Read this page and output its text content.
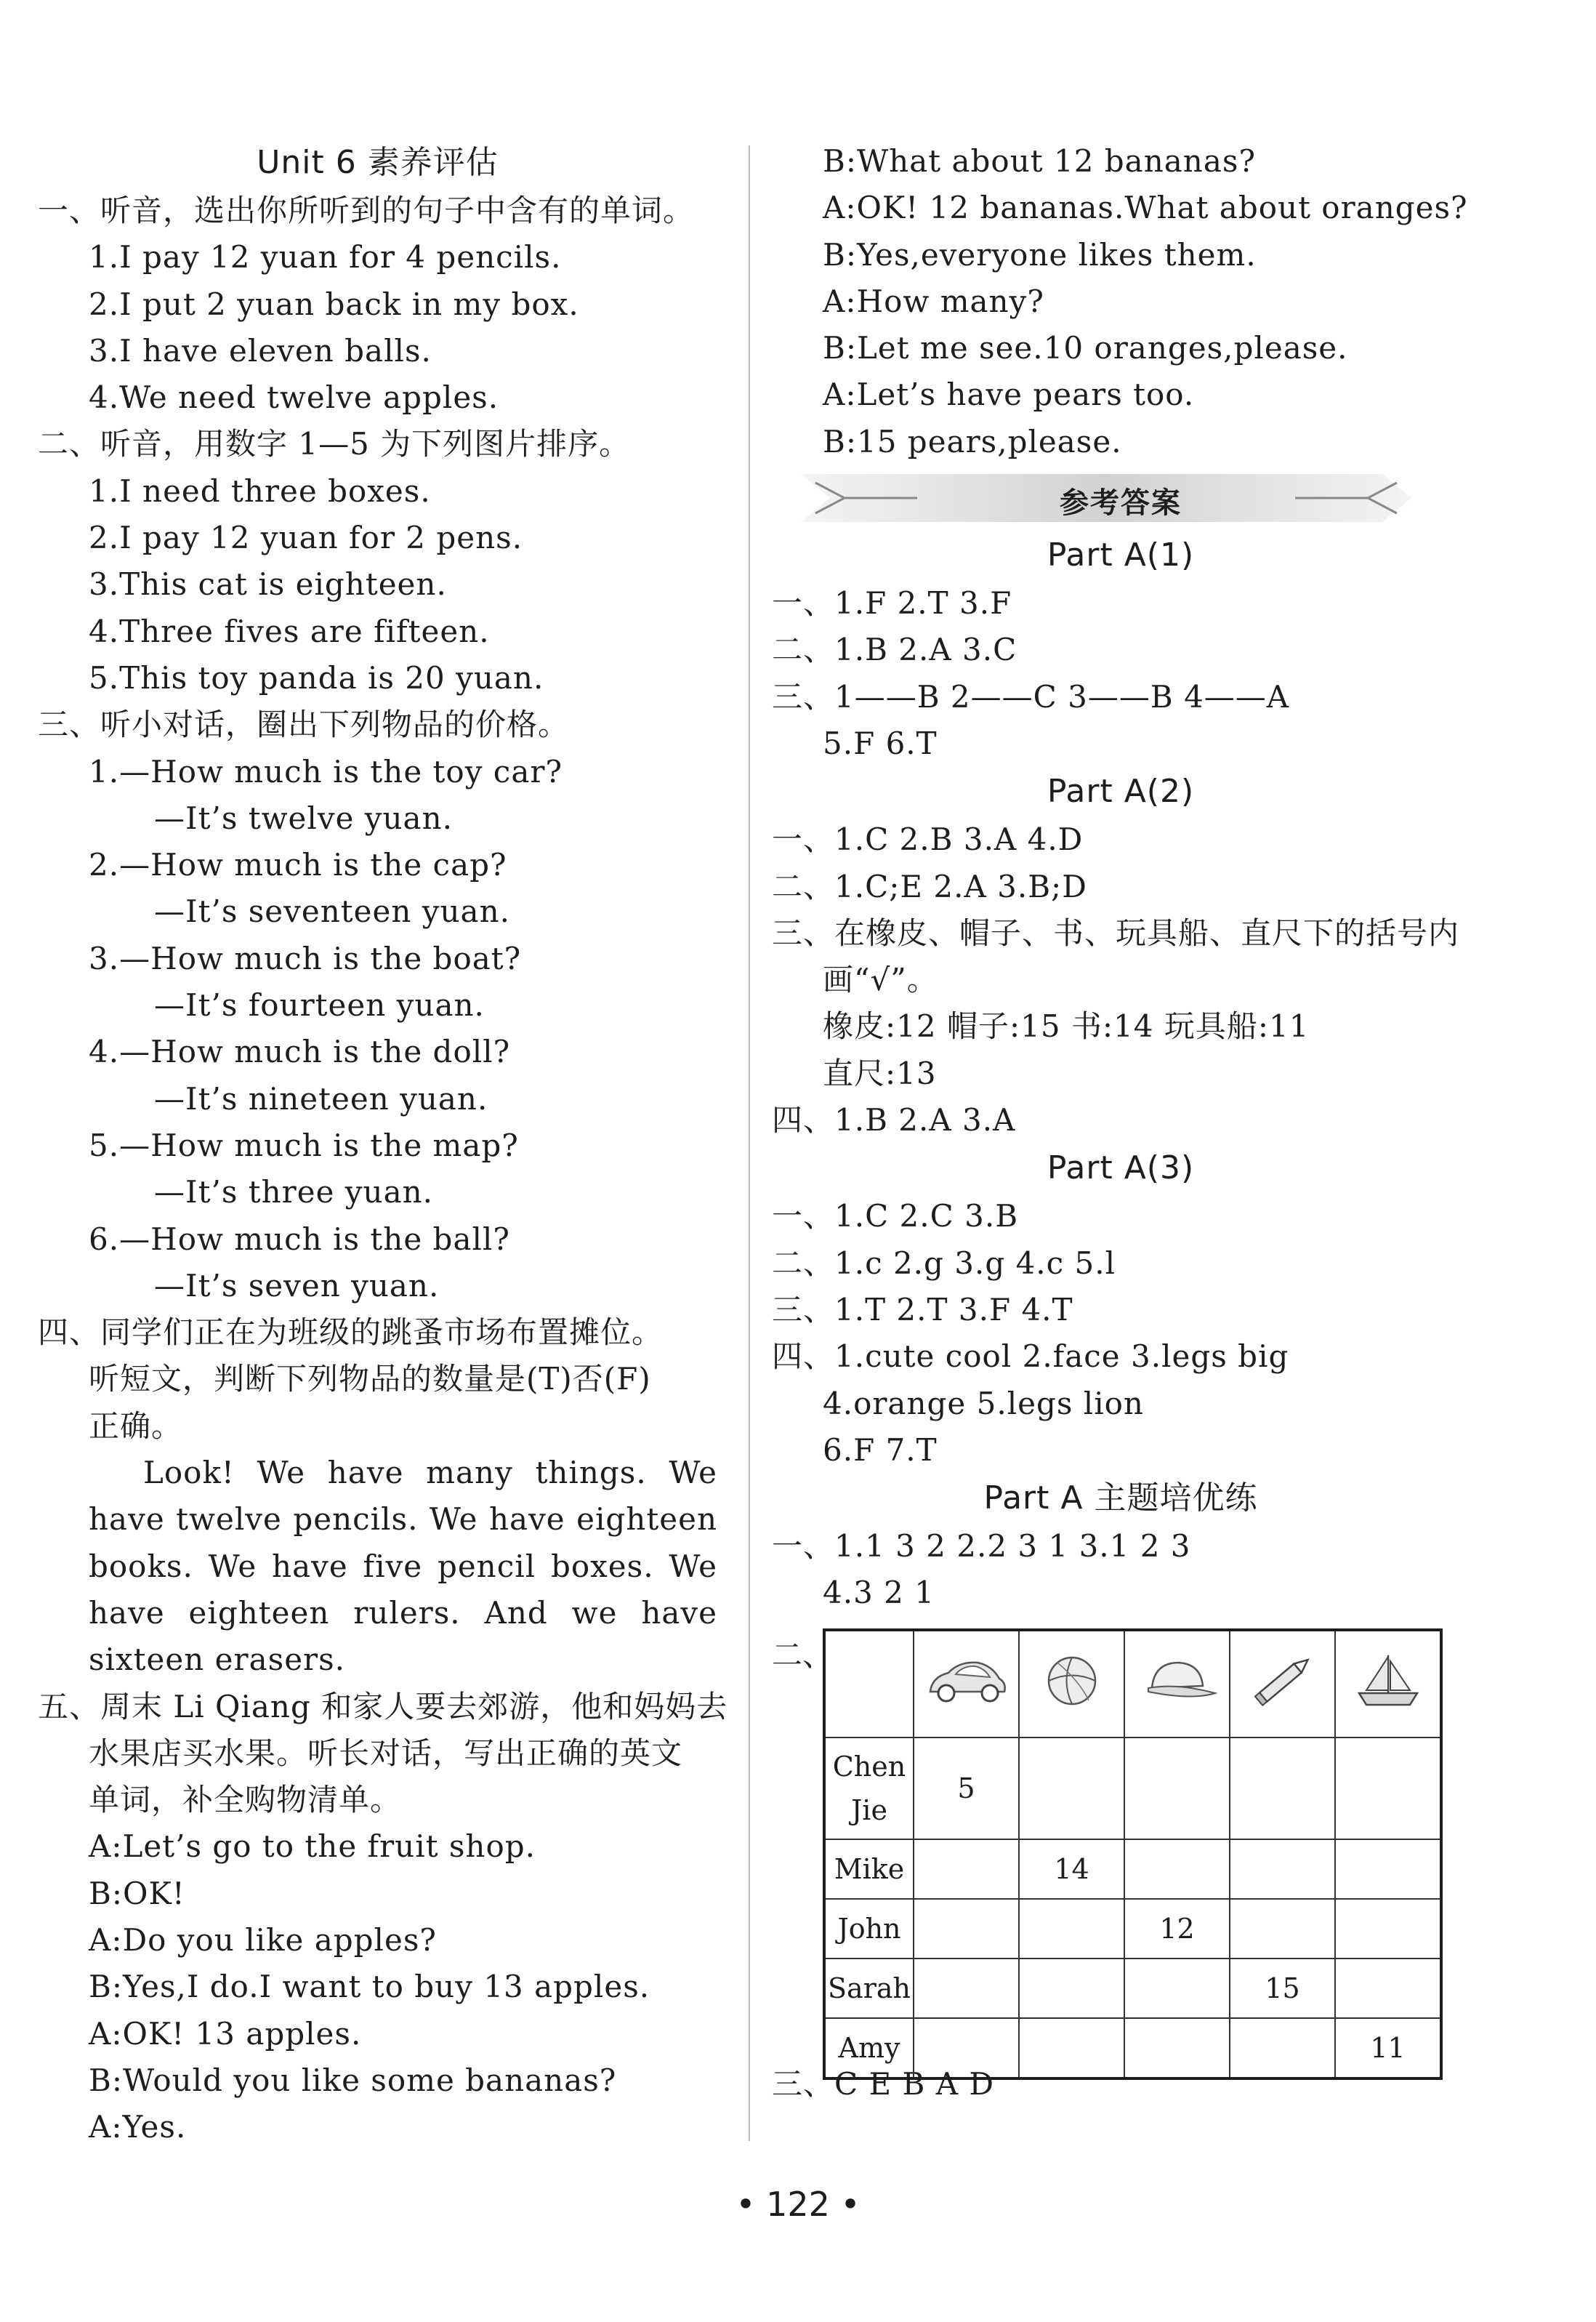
Unit 6 素养评估
一、听音，选出你所听到的句子中含有的单词。
1.I pay 12 yuan for 4 pencils.
2.I put 2 yuan back in my box.
3.I have eleven balls.
4.We need twelve apples.
二、听音，用数字 1—5 为下列图片排序。
1.I need three boxes.
2.I pay 12 yuan for 2 pens.
3.This cat is eighteen.
4.Three fives are fifteen.
5.This toy panda is 20 yuan.
三、听小对话，圈出下列物品的价格。
1.—How much is the toy car?
—It’s twelve yuan.
2.—How much is the cap?
—It’s seventeen yuan.
3.—How much is the boat?
—It’s fourteen yuan.
4.—How much is the doll?
—It’s nineteen yuan.
5.—How much is the map?
—It’s three yuan.
6.—How much is the ball?
—It’s seven yuan.
四、同学们正在为班级的跳蚤市场布置摊位。
听短文，判断下列物品的数量是(T)否(F)
正确。
Look! We have many things. We have twelve pencils. We have eighteen books. We have five pencil boxes. We have eighteen rulers. And we have sixteen erasers.
五、周末 Li Qiang 和家人要去郊游，他和妈妈去
水果店买水果。听长对话，写出正确的英文
单词，补全购物清单。
A:Let’s go to the fruit shop.
B:OK!
A:Do you like apples?
B:Yes,I do.I want to buy 13 apples.
A:OK! 13 apples.
B:Would you like some bananas?
A:Yes.
B:What about 12 bananas?
A:OK! 12 bananas.What about oranges?
B:Yes,everyone likes them.
A:How many?
B:Let me see.10 oranges,please.
A:Let’s have pears too.
B:15 pears,please.
参考答案
Part A(1)
一、1.F 2.T 3.F
二、1.B 2.A 3.C
三、1——B 2——C 3——B 4——A
5.F 6.T
Part A(2)
一、1.C 2.B 3.A 4.D
二、1.C;E 2.A 3.B;D
三、在橡皮、帽子、书、玩具船、直尺下的括号内
画“√”。
橡皮:12 帽子:15 书:14 玩具船:11
直尺:13
四、1.B 2.A 3.A
Part A(3)
一、1.C 2.C 3.B
二、1.c 2.g 3.g 4.c 5.l
三、1.T 2.T 3.F 4.T
四、1.cute cool 2.face 3.legs big
4.orange 5.legs lion
6.F 7.T
Part A 主题培优练
一、1.1 3 2 2.2 3 1 3.1 2 3
4.3 2 1
二、

Chen Jie	5				
Mike		14			
John			12		
Sarah				15	
Amy					11
三、C E B A D
• 122 •
